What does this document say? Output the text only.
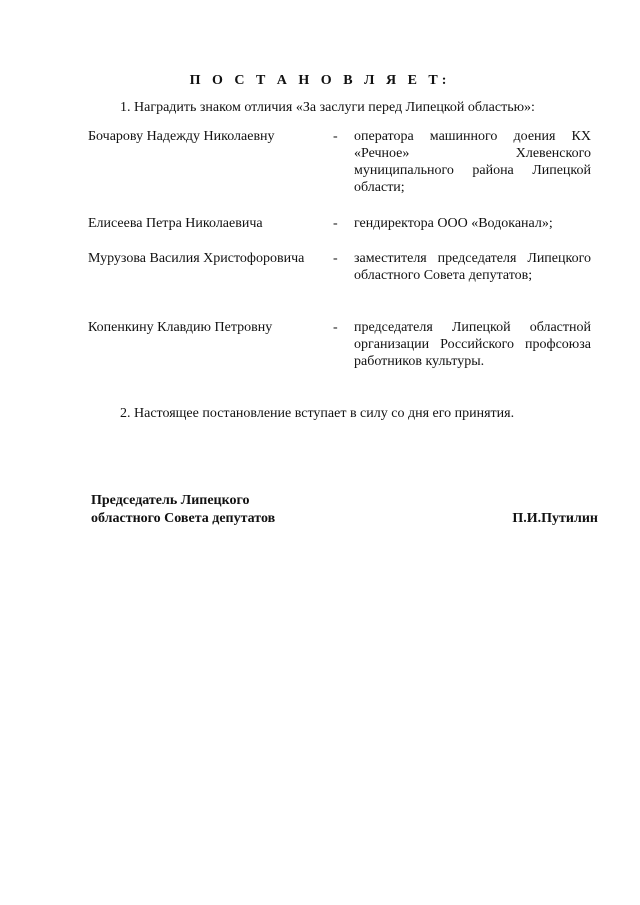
П О С Т А Н О В Л Я Е Т:
1. Наградить знаком отличия «За заслуги перед Липецкой областью»:
Бочарову Надежду Николаевну	- оператора машинного доения КХ «Речное» Хлевенского муниципального района Липецкой области;
Елисеева Петра Николаевича	- гендиректора ООО «Водоканал»;
Мурузова Василия Христофоровича - заместителя председателя Липецкого областного Совета депутатов;
Копенкину Клавдию Петровну	- председателя Липецкой областной организации Российского профсоюза работников культуры.
2. Настоящее постановление вступает в силу со дня его принятия.
Председатель Липецкого
областного Совета депутатов	П.И.Путилин
